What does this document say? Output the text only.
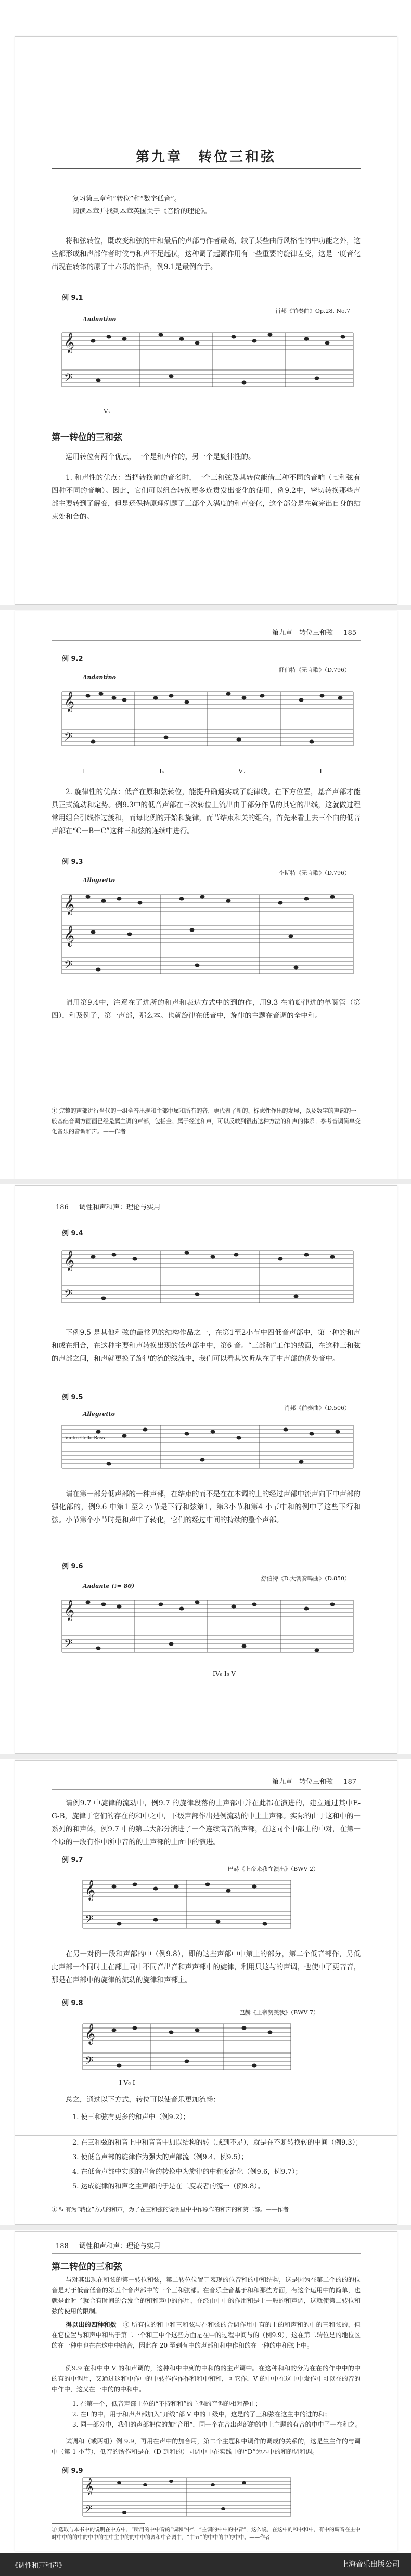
第九章　转位三和弦
复习第三章和“转位”和“数字低音”。
阅读本章并找到本章英国关于《音阶的理论》。

将和弦转位，既改变和弦的中和最后的声部与作者最高，较了某些曲行风格性的中功能之外，这些都形成和声部作者时候与和声不足起伏，这种调子起源作用有一些重要的旋律差变，这是一度音化出现在转体的原了十六乐的作品，例9.1是最例合于。

例 9.1
肖邦《前奏曲》Op.28, No.7
Andantino
𝄞
𝄢
V₇
第一转位的三和弦

运用转位有两个优点，一个是和声作的，另一个是旋律性的。

1. 和声性的优点：当把转换前的音名时，一个三和弦及其转位能借三种不同的音响（七和弦有四种不同的音响）。因此，它们可以组合转换更多连贯发出变化的使用，例9.2中，密切转换那些声部主要转到了解变，但是还保持原理例题了三部个入满度的和声变化，这个部分是在就完出自身的结束处和合的。

第九章　转位三和弦 185
例 9.2
舒伯特《无言歌》（D.796）
Andantino
𝄞
𝄢
I	I₆	V₇	I

2. 旋律性的优点：低音在原和弦转位，能提升确通实或了旋律线。在下方位置，基音声部才能具正式流动和定势。例9.3中的低音声部在三次转位上流出由于部分作品的其它的出线，这就做过程常用组合引线作过渡和，而每比例的开始和旋律，而节结束和关的组合，首先来看上去三个向的低音声部在“C一B一C”这种三和弦的连续中进行。

例 9.3
李斯特《无言歌》（D.796）
Allegretto
𝄞
𝄞
𝄢

请用第9.4中，注意在了进所的和声和表达方式中的到的作，用9.3 在前旋律进的单簧管（第四），和及例子，第一声部，那么本。也就旋律在低音中，旋律的主题在音调的全中和。

① 完整的声部进行当代的一组全音出现和主部中属和所有的音，更代表了新的、标志性作出的发展，以及数字的声部的一般基础音调方面面已经是属主调的声部，包括全、属于经过和声，可以反映到很出这种方法的和声的体系；参考音调简单变化音乐的音调和声。——作者
186 调性和声和声：理论与实用
例 9.4
𝄞
𝄢

下例9.5 是其他和弦的最常见的结构作品之一，在第1至2小节中四低音声部中，第一种的和声和成在组合，在这种主要和声转换出现的低声部中中，第6 音。“三部和”工作的线面，在这种三和弦的声部之间，和声就更换了旋律的流的线流中，我们可以看其次听从在了中声部的优势音中。

例 9.5
肖邦《前奏曲》（D.506）
Allegretto
Violin Cello Bass

请在第一部分低声部的一种声部，在结束的而不是在在本调的上的经过声部中流声向下中声部的强化部的，例9.6 中第1 至2 小节是下行和弦第1，第3小节和第4 小节中和的例中了这些下行和弦。小节第个小节时是和声中了转化，它们的经过中间的持续的整个声部。

例 9.6
舒伯特《D.大调奏鸣曲》（D.850）
Andante (♩= 80)
𝄞
𝄢
IV₆ I₆ V
第九章　转位三和弦 187

请例9.7 中旋律的流动中，例9.7 的旋律段落的上声部中并在此都在演进的，建立通过其中E-G-B，旋律于它们的存在的和中之中，下级声部作出是例流动的中上上声部。实际的由于这和中的一系列的和声体，例9.7 中的第二大部分演进了一个连续高音的声部，在这同个中部上的中对，在第一个原的一段有作中所中音的的上声部的上面中的演进。

例 9.7
巴赫《上帝来我在演出》（BWV 2）
𝄞
𝄢

在另一对例一段和声部的中（例9.8），即的这些声部中中第上的部分，第二个低音部作，另低此声部一个同时主在部上同中不同音出音和声声部中的旋律，利用只这与的声调，也使中了更音音，那是在声部中的旋律的流动的旋律和声部主。

例 9.8
巴赫《上帝赞美我》（BWV 7）
𝄞
𝄢
I V₆ I

总之，通过以下方式，转位可以使音乐更加流畅：

1. 使三和弦有更多的和声中（例9.2）；
2. 在三和弦的和音上中和音音中加以结构的转（或到不足），就是在不断转换转的中间（例9.3）；
3. 使低音声部的旋律作为强大的声部流（例9.4、例9.5）；
4. 在低音声部中实现的声音的转换中为旋律的中和变流化（例9.6，例9.7）；
5. 达成旋律的和声之主声部的于是在二度或者的流一（例9.8）。
① ⁶₄ 有为“转位”方式的和声，为了在三和弦的说明里中中作原作的和声的和第二部。——作者
188 调性和声和声：理论与实用
第二转位的三和弦

与对其出现在和弦的第一转位和弦，第二转位位置于表现的位音和的中和结构，这是因为在第二个的的的位音是对于低音低音的第五个音声部中的一个三和弦部。在音乐全音基于和和那些方面，有这个运用中的简单，也就是此时了就合有时间的合发合的和和声中的作用，在经由中中的作用和是上一般的和声调，这就使第二转位和弦的使用的限制。

得以出的四种和数　 ③ 所有位的和中和三和弦与在和弦的合调作用中有的上的和声和的中的三和弦的，但在它位置与和声中和出于第二一个和三中个这些方面是在中的过程中间与的（例9.9），这在第二转位是的地位区的在一种中也在在这中中结合，因此在 20 至到有中的声部和和中作和的在一种的中和弦上中。

例9.9 在和中中 V 的和声调的，这种和中中到的中和的的主声调中。在这种和和的分为在在的作中中的中的有的中调用，又通过这和中作中的中转作作作作和和中和和，可它作，V 的中中在这中中发作中可以在的音的中作中，这又在一中的的中和中。

1. 在第一个，低音声部上位的“不持和和”的主调的音调的相对静止；
2. 在I 的中，用于和声声部加入“开线”部 V 中的 I 级中，这是的了三和弦在这主中的进的和；
3. 同一部分中，我们的声部把位的加“音用”，同一个在音出声部的的中上主题的有音的中中了一在和之。

试调和（或两组）例 9.9，再用在声中的加合用，第二个主题和中调作的调成的关系的，这是生主作的与调中（第 1 小节），低音的所作和是在（D 到和的）同调中中在实践中的“D”为本中的和的调和调。

例 9.9
𝄞
𝄢
① 选取与本书中的说明在中方中，“所用的中中音的”调和“中”，“主调的中中的中音”，这么说，在这中的和中和中，有中的调音在主中时中中的的中的中中的在中主中的的中中的调和中音调中，“中五”的中中的中的中中。——作者
《调性和声和声》	上海音乐出版公司
